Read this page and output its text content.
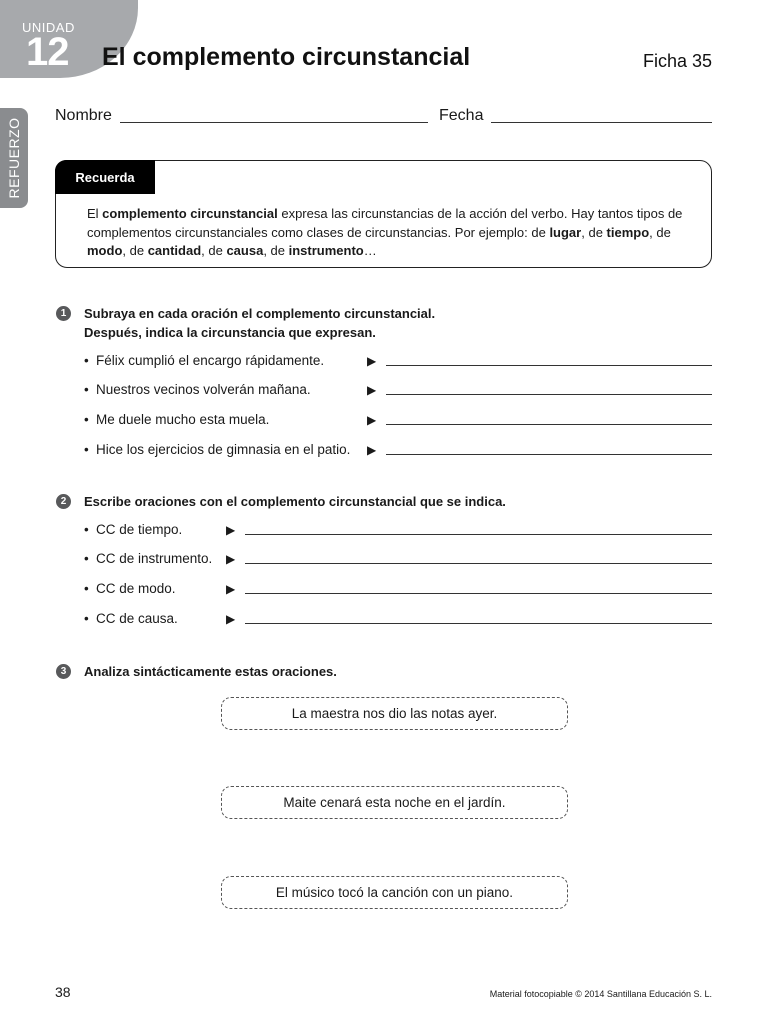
UNIDAD
12 El complemento circunstancial	Ficha 35
REFUERZO
Nombre	Fecha
Recuerda
El complemento circunstancial expresa las circunstancias de la acción del verbo. Hay tantos tipos de complementos circunstanciales como clases de circunstancias. Por ejemplo: de lugar, de tiempo, de modo, de cantidad, de causa, de instrumento…
1	Subraya en cada oración el complemento circunstancial.
Después, indica la circunstancia que expresan.
• Félix cumplió el encargo rápidamente.	▶
• Nuestros vecinos volverán mañana.	▶
• Me duele mucho esta muela.	▶
• Hice los ejercicios de gimnasia en el patio. ▶
2	Escribe oraciones con el complemento circunstancial que se indica.
• CC de tiempo.	▶
• CC de instrumento. ▶
• CC de modo.	▶
• CC de causa.	▶
3	Analiza sintácticamente estas oraciones.
La maestra nos dio las notas ayer.
Maite cenará esta noche en el jardín.
El músico tocó la canción con un piano.
38	Material fotocopiable © 2014 Santillana Educación S. L.
